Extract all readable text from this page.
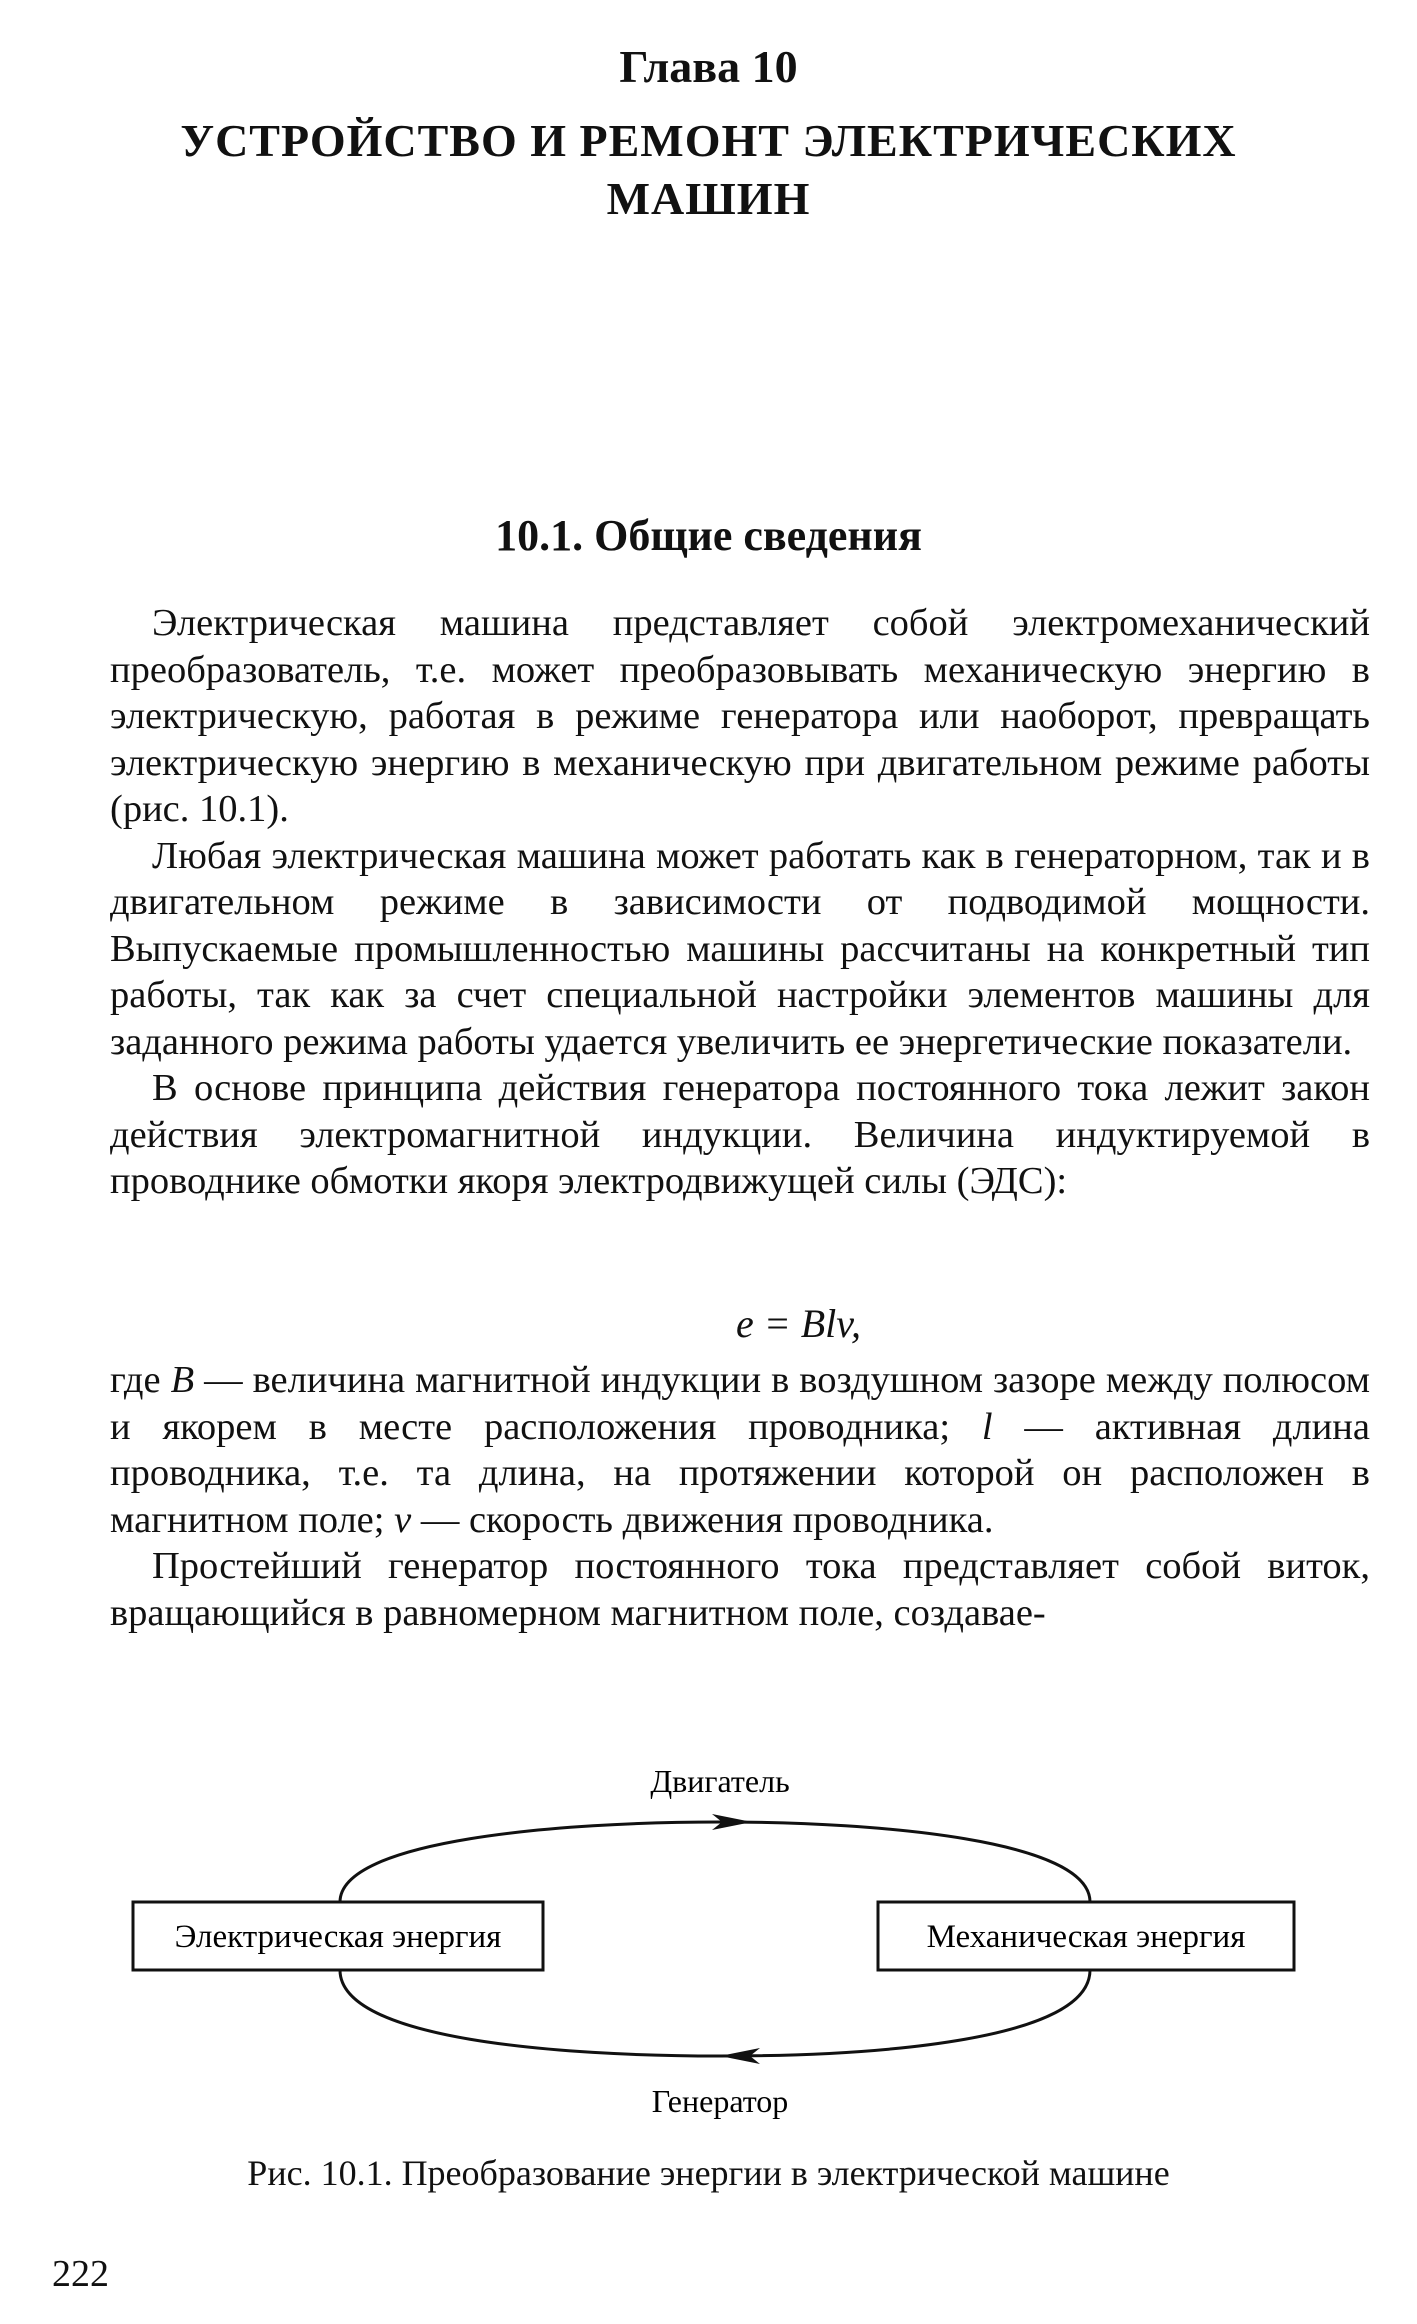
Глава 10
УСТРОЙСТВО И РЕМОНТ ЭЛЕКТРИЧЕСКИХ МАШИН
10.1. Общие сведения

Электрическая машина представляет собой электромеханический преобразователь, т.е. может преобразовывать механическую энергию в электрическую, работая в режиме генератора или наоборот, превращать электрическую энергию в механическую при двигательном режиме работы (рис. 10.1).

Любая электрическая машина может работать как в генераторном, так и в двигательном режиме в зависимости от подводимой мощности. Выпускаемые промышленностью машины рассчитаны на конкретный тип работы, так как за счет специальной настройки элементов машины для заданного режима работы удается увеличить ее энергетические показатели.

В основе принципа действия генератора постоянного тока лежит закон действия электромагнитной индукции. Величина индуктируемой в проводнике обмотки якоря электродвижущей силы (ЭДС):

e = Blv,

где B — величина магнитной индукции в воздушном зазоре между полюсом и якорем в месте расположения проводника; l — активная длина проводника, т.е. та длина, на протяжении которой он расположен в магнитном поле; v — скорость движения проводника.

Простейший генератор постоянного тока представляет собой виток, вращающийся в равномерном магнитном поле, создавае-

Двигатель
Электрическая энергия	Механическая энергия
Генератор
Рис. 10.1. Преобразование энергии в электрической машине
222
